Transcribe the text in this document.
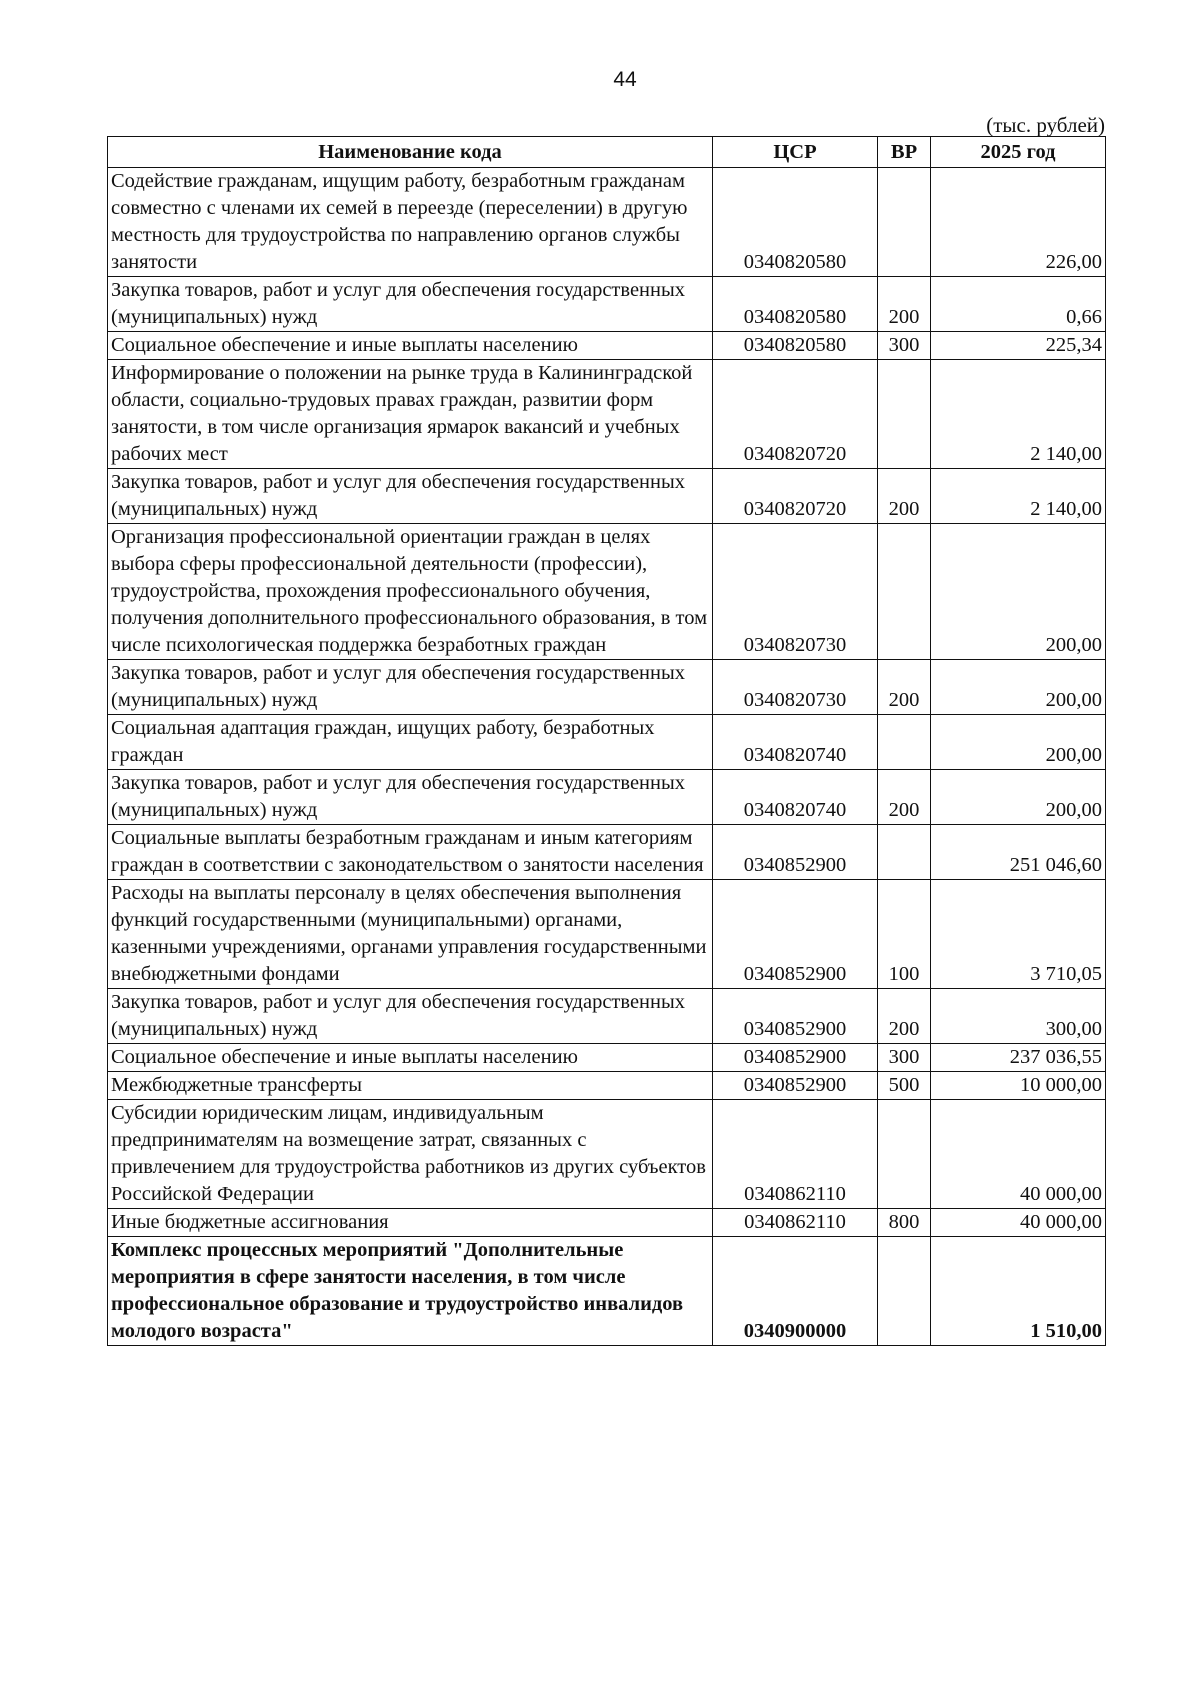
44
(тыс. рублей)
Наименование кода	ЦСР	ВР	2025 год
Содействие гражданам, ищущим работу, безработным гражданам совместно с членами их семей в переезде (переселении) в другую местность для трудоустройства по направлению органов службы занятости	0340820580		226,00
Закупка товаров, работ и услуг для обеспечения государственных (муниципальных) нужд	0340820580	200	0,66
Социальное обеспечение и иные выплаты населению	0340820580	300	225,34
Информирование о положении на рынке труда в Калининградской области, социально-трудовых правах граждан, развитии форм занятости, в том числе организация ярмарок вакансий и учебных рабочих мест	0340820720		2 140,00
Закупка товаров, работ и услуг для обеспечения государственных (муниципальных) нужд	0340820720	200	2 140,00
Организация профессиональной ориентации граждан в целях выбора сферы профессиональной деятельности (профессии), трудоустройства, прохождения профессионального обучения, получения дополнительного профессионального образования, в том числе психологическая поддержка безработных граждан	0340820730		200,00
Закупка товаров, работ и услуг для обеспечения государственных (муниципальных) нужд	0340820730	200	200,00
Социальная адаптация граждан, ищущих работу, безработных граждан	0340820740		200,00
Закупка товаров, работ и услуг для обеспечения государственных (муниципальных) нужд	0340820740	200	200,00
Социальные выплаты безработным гражданам и иным категориям граждан в соответствии с законодательством о занятости населения	0340852900		251 046,60
Расходы на выплаты персоналу в целях обеспечения выполнения функций государственными (муниципальными) органами, казенными учреждениями, органами управления государственными внебюджетными фондами	0340852900	100	3 710,05
Закупка товаров, работ и услуг для обеспечения государственных (муниципальных) нужд	0340852900	200	300,00
Социальное обеспечение и иные выплаты населению	0340852900	300	237 036,55
Межбюджетные трансферты	0340852900	500	10 000,00
Субсидии юридическим лицам, индивидуальным предпринимателям на возмещение затрат, связанных с привлечением для трудоустройства работников из других субъектов Российской Федерации	0340862110		40 000,00
Иные бюджетные ассигнования	0340862110	800	40 000,00
Комплекс процессных мероприятий "Дополнительные мероприятия в сфере занятости населения, в том числе профессиональное образование и трудоустройство инвалидов молодого возраста"	0340900000		1 510,00
